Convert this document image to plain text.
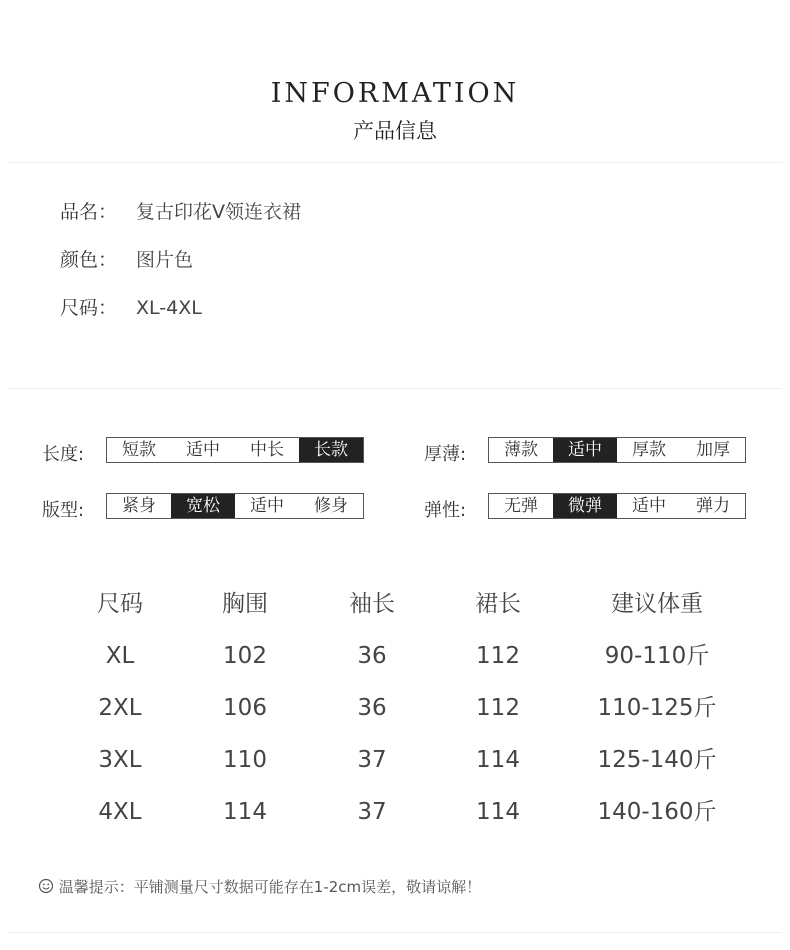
INFORMATION
产品信息
品名： 复古印花V领连衣裙
颜色： 图片色
尺码： XL-4XL
长度:	短款	适中	中长	长款	厚薄:	薄款	适中	厚款	加厚
版型:	紧身	宽松	适中	修身	弹性:	无弹	微弹	适中	弹力
尺码	胸围	袖长	裙长	建议体重
XL	102	36	112	90-110斤
2XL	106	36	112	110-125斤
3XL	110	37	114	125-140斤
4XL	114	37	114	140-160斤
温馨提示：平铺测量尺寸数据可能存在1-2cm误差，敬请谅解！
